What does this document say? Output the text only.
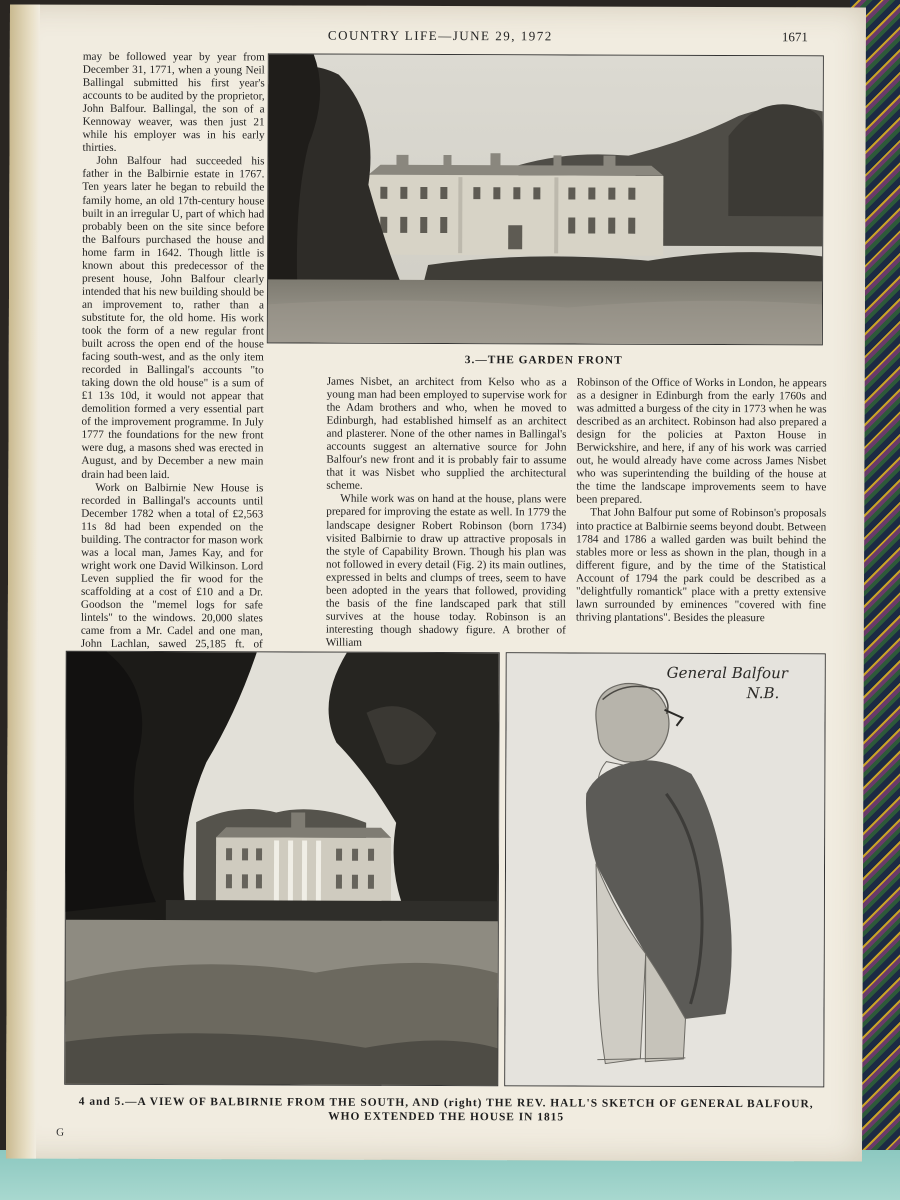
COUNTRY LIFE—JUNE 29, 1972	1671

may be followed year by year from December 31, 1771, when a young Neil Ballingal submitted his first year's accounts to be audited by the proprietor, John Balfour. Ballingal, the son of a Kennoway weaver, was then just 21 while his employer was in his early thirties.

John Balfour had succeeded his father in the Balbirnie estate in 1767. Ten years later he began to rebuild the family home, an old 17th-century house built in an irregular U, part of which had probably been on the site since before the Balfours purchased the house and home farm in 1642. Though little is known about this predecessor of the present house, John Balfour clearly intended that his new building should be an improvement to, rather than a substitute for, the old home. His work took the form of a new regular front built across the open end of the house facing south-west, and as the only item recorded in Ballingal's accounts "to taking down the old house" is a sum of £1 13s 10d, it would not appear that demolition formed a very essential part of the improvement programme. In July 1777 the foundations for the new front were dug, a masons shed was erected in August, and by December a new main drain had been laid.

Work on Balbirnie New House is recorded in Ballingal's accounts until December 1782 when a total of £2,563 11s 8d had been expended on the building. The contractor for mason work was a local man, James Kay, and for wright work one David Wilkinson. Lord Leven supplied the fir wood for the scaffolding at a cost of £10 and a Dr. Goodson the "memel logs for safe lintels" to the windows. 20,000 slates came from a Mr. Cadel and one man, John Lachlan, sawed 25,185 ft. of

3.—THE GARDEN FRONT

James Nisbet, an architect from Kelso who as a young man had been employed to supervise work for the Adam brothers and who, when he moved to Edinburgh, had established himself as an architect and plasterer. None of the other names in Ballingal's accounts suggest an alternative source for John Balfour's new front and it is probably fair to assume that it was Nisbet who supplied the architectural scheme.

While work was on hand at the house, plans were prepared for improving the estate as well. In 1779 the landscape designer Robert Robinson (born 1734) visited Balbirnie to draw up attractive proposals in the style of Capability Brown. Though his plan was not followed in every detail (Fig. 2) its main outlines, expressed in belts and clumps of trees, seem to have been adopted in the years that followed, providing the basis of the fine landscaped park that still survives at the house today. Robinson is an interesting though shadowy figure. A brother of William

Robinson of the Office of Works in London, he appears as a designer in Edinburgh from the early 1760s and was admitted a burgess of the city in 1773 when he was described as an architect. Robinson had also prepared a design for the policies at Paxton House in Berwickshire, and here, if any of his work was carried out, he would already have come across James Nisbet who was superintending the building of the house at the time the landscape improvements seem to have been prepared.

That John Balfour put some of Robinson's proposals into practice at Balbirnie seems beyond doubt. Between 1784 and 1786 a walled garden was built behind the stables more or less as shown in the plan, though in a different figure, and by the time of the Statistical Account of 1794 the park could be described as a "delightfully romantick" place with a pretty extensive lawn surrounded by eminences "covered with fine thriving plantations". Besides the pleasure

General Balfour
N.B.
4 and 5.—A VIEW OF BALBIRNIE FROM THE SOUTH, AND (right) THE REV. HALL'S SKETCH OF GENERAL BALFOUR,
WHO EXTENDED THE HOUSE IN 1815
G
